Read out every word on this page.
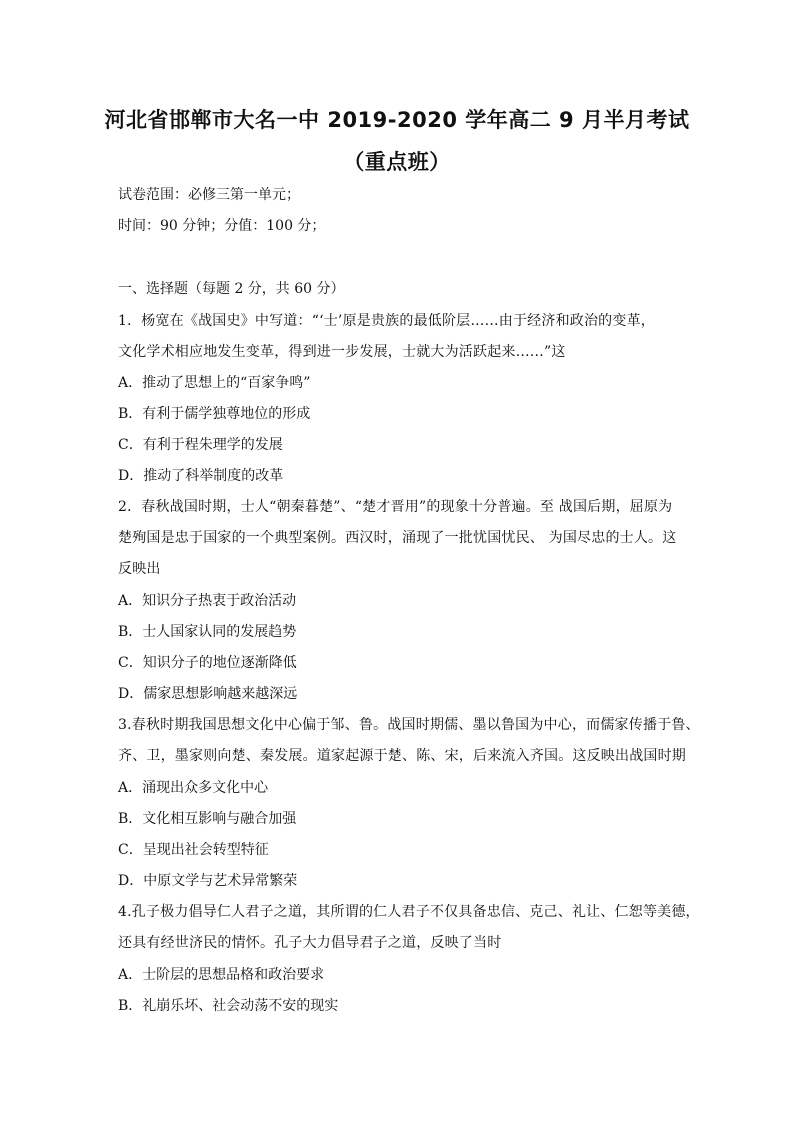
河北省邯郸市大名一中 2019-2020 学年高二 9 月半月考试
（重点班）
试卷范围：必修三第一单元；
时间：90 分钟；分值：100 分；
一、选择题（每题 2 分，共 60 分）
1．杨宽在《战国史》中写道：“‘士’原是贵族的最低阶层……由于经济和政治的变革，
文化学术相应地发生变革，得到进一步发展，士就大为活跃起来……”这
A．推动了思想上的“百家争鸣”
B．有利于儒学独尊地位的形成
C．有利于程朱理学的发展
D．推动了科举制度的改革
2．春秋战国时期，士人“朝秦暮楚”、“楚才晋用”的现象十分普遍。至 战国后期，屈原为
楚殉国是忠于国家的一个典型案例。西汉时，涌现了一批忧国忧民、 为国尽忠的士人。这
反映出
A．知识分子热衷于政治活动
B．士人国家认同的发展趋势
C．知识分子的地位逐渐降低
D．儒家思想影响越来越深远
3.春秋时期我国思想文化中心偏于邹、鲁。战国时期儒、墨以鲁国为中心，而儒家传播于鲁、
齐、卫，墨家则向楚、秦发展。道家起源于楚、陈、宋，后来流入齐国。这反映出战国时期
A．涌现出众多文化中心
B．文化相互影响与融合加强
C．呈现出社会转型特征
D．中原文学与艺术异常繁荣
4.孔子极力倡导仁人君子之道，其所谓的仁人君子不仅具备忠信、克己、礼让、仁恕等美德，
还具有经世济民的情怀。孔子大力倡导君子之道，反映了当时
A．士阶层的思想品格和政治要求
B．礼崩乐坏、社会动荡不安的现实
